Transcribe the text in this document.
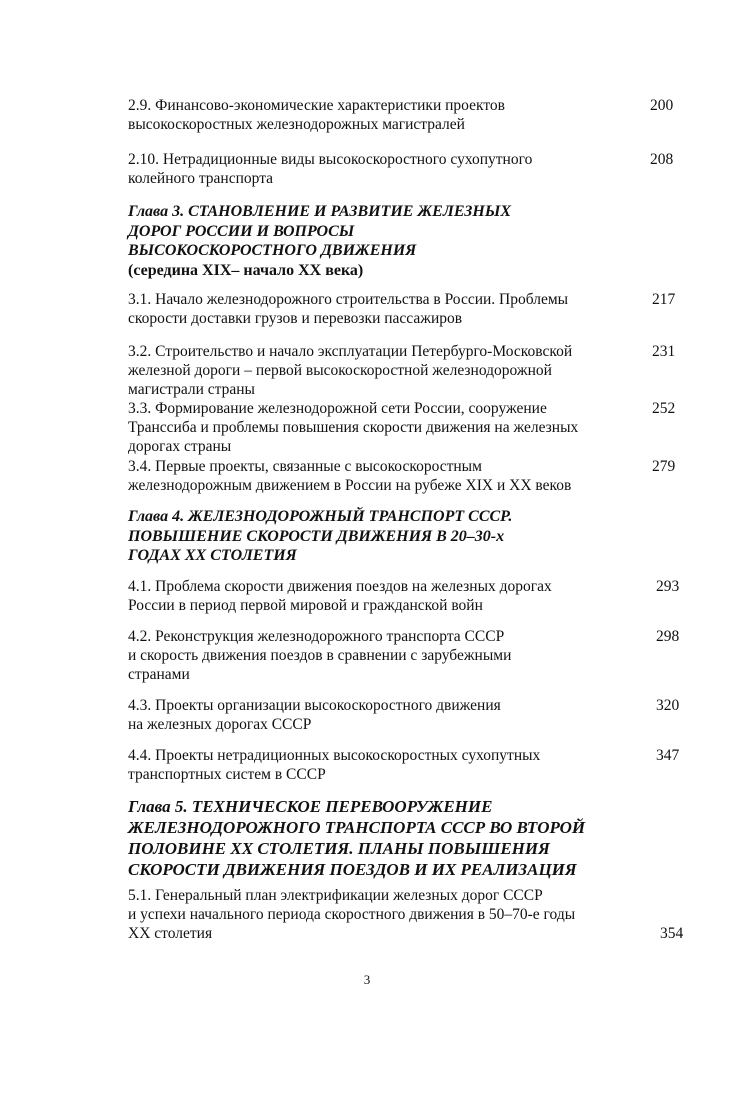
2.9. Финансово-экономические характеристики проектов
высокоскоростных железнодорожных магистралей
200
2.10. Нетрадиционные виды высокоскоростного сухопутного
колейного транспорта
208
Глава 3. СТАНОВЛЕНИЕ И РАЗВИТИЕ ЖЕЛЕЗНЫХ
ДОРОГ РОССИИ И ВОПРОСЫ
ВЫСОКОСКОРОСТНОГО ДВИЖЕНИЯ
(середина XIX– начало XX века)
3.1. Начало железнодорожного строительства в России. Проблемы
скорости доставки грузов и перевозки пассажиров
217
3.2. Строительство и начало эксплуатации Петербурго-Московской
железной дороги – первой высокоскоростной железнодорожной
магистрали страны
231
3.3. Формирование железнодорожной сети России, сооружение
Транссиба и проблемы повышения скорости движения на железных
дорогах страны
252
3.4. Первые проекты, связанные с высокоскоростным
железнодорожным движением в России на рубеже XIX и XX веков
279
Глава 4. ЖЕЛЕЗНОДОРОЖНЫЙ ТРАНСПОРТ СССР.
ПОВЫШЕНИЕ СКОРОСТИ ДВИЖЕНИЯ В 20–30-х
ГОДАХ XX СТОЛЕТИЯ
4.1. Проблема скорости движения поездов на железных дорогах
России в период первой мировой и гражданской войн
293
4.2. Реконструкция железнодорожного транспорта СССР
и скорость движения поездов в сравнении с зарубежными
странами
298
4.3. Проекты организации высокоскоростного движения
на железных дорогах СССР
320
4.4. Проекты нетрадиционных высокоскоростных сухопутных
транспортных систем в СССР
347
Глава 5. ТЕХНИЧЕСКОЕ ПЕРЕВООРУЖЕНИЕ
ЖЕЛЕЗНОДОРОЖНОГО ТРАНСПОРТА СССР ВО ВТОРОЙ
ПОЛОВИНЕ XX СТОЛЕТИЯ. ПЛАНЫ ПОВЫШЕНИЯ
СКОРОСТИ ДВИЖЕНИЯ ПОЕЗДОВ И ИХ РЕАЛИЗАЦИЯ
5.1. Генеральный план электрификации железных дорог СССР
и успехи начального периода скоростного движения в 50–70-е годы
XX столетия	354
3
